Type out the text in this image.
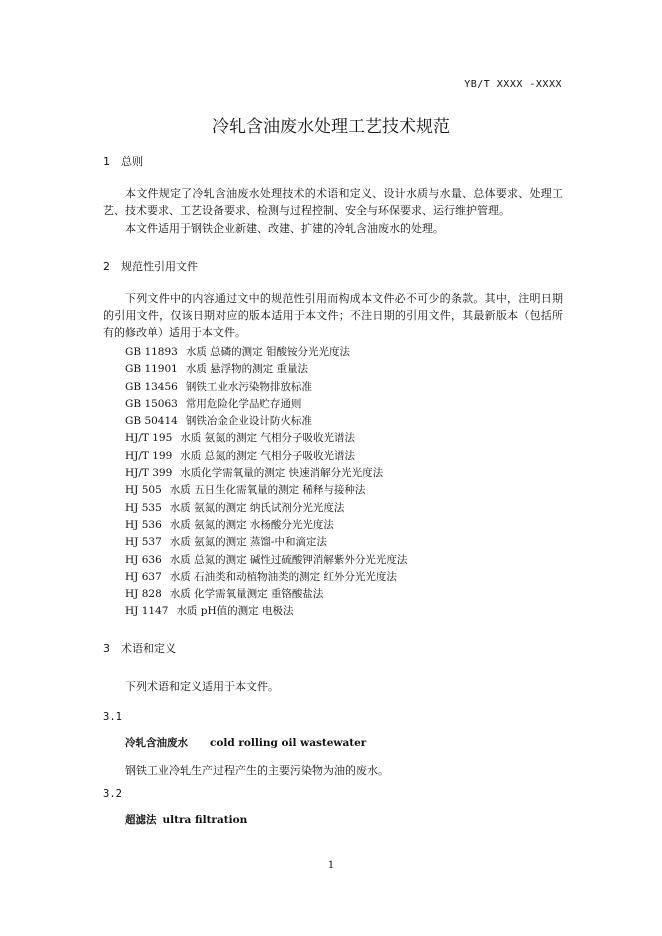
YB/T XXXX -XXXX
冷轧含油废水处理工艺技术规范
1 总则
本文件规定了冷轧含油废水处理技术的术语和定义、设计水质与水量、总体要求、处理工艺、技术要求、工艺设备要求、检测与过程控制、安全与环保要求、运行维护管理。
本文件适用于钢铁企业新建、改建、扩建的冷轧含油废水的处理。
2 规范性引用文件
下列文件中的内容通过文中的规范性引用而构成本文件必不可少的条款。其中，注明日期的引用文件，仅该日期对应的版本适用于本文件；不注日期的引用文件，其最新版本（包括所有的修改单）适用于本文件。
GB 11893 水质 总磷的测定 钼酸铵分光光度法
GB 11901 水质 悬浮物的测定 重量法
GB 13456 钢铁工业水污染物排放标准
GB 15063 常用危险化学品贮存通则
GB 50414 钢铁冶金企业设计防火标准
HJ/T 195 水质 氨氮的测定 气相分子吸收光谱法
HJ/T 199 水质 总氮的测定 气相分子吸收光谱法
HJ/T 399 水质化学需氧量的测定 快速消解分光光度法
HJ 505 水质 五日生化需氧量的测定 稀释与接种法
HJ 535 水质 氨氮的测定 纳氏试剂分光光度法
HJ 536 水质 氨氮的测定 水杨酸分光光度法
HJ 537 水质 氨氮的测定 蒸馏-中和滴定法
HJ 636 水质 总氮的测定 碱性过硫酸钾消解紫外分光光度法
HJ 637 水质 石油类和动植物油类的测定 红外分光光度法
HJ 828 水质 化学需氧量测定 重铬酸盐法
HJ 1147 水质 pH值的测定 电极法
3 术语和定义
下列术语和定义适用于本文件。
3.1
冷轧含油废水 cold rolling oil wastewater
钢铁工业冷轧生产过程产生的主要污染物为油的废水。
3.2
超滤法 ultra filtration
1
